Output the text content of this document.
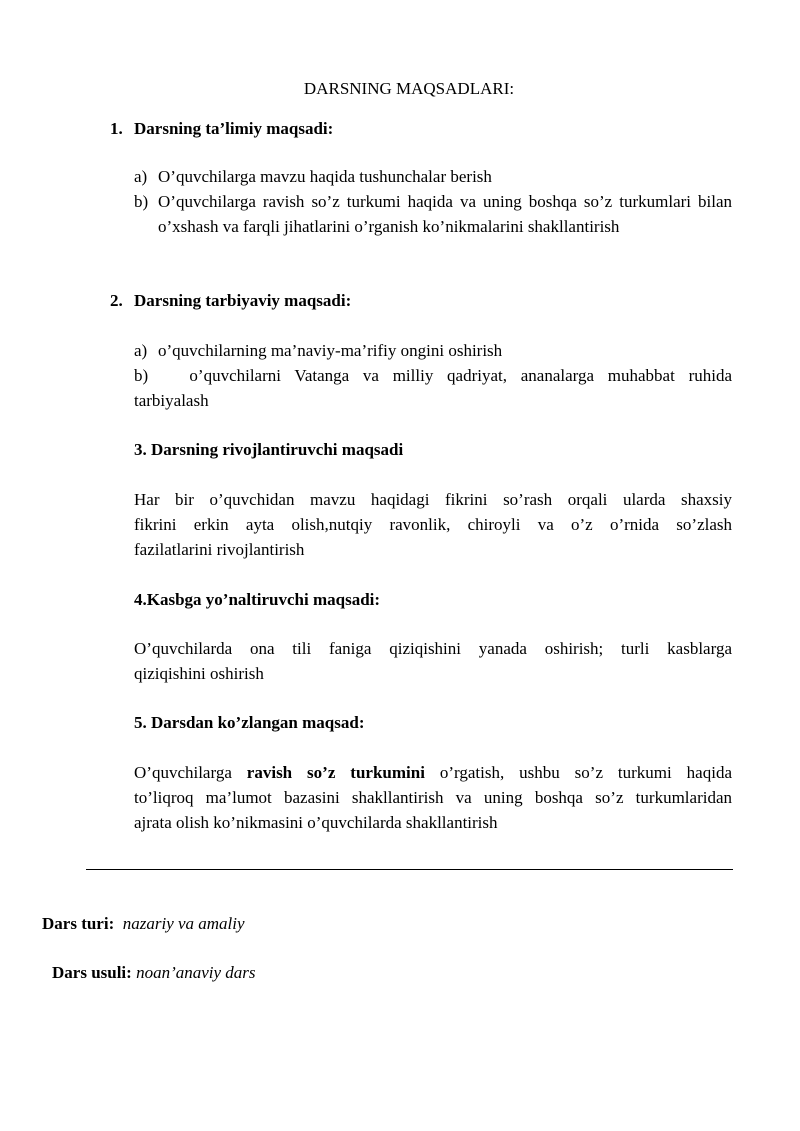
DARSNING MAQSADLARI:
1. Darsning ta’limiy maqsadi:
a) O’quvchilarga mavzu haqida tushunchalar berish
b) O’quvchilarga ravish so’z turkumi haqida va uning boshqa so’z turkumlari bilan o’xshash va farqli jihatlarini o’rganish ko’nikmalarini shakllantirish
2. Darsning tarbiyaviy maqsadi:
a) o’quvchilarning ma’naviy-ma’rifiy ongini oshirish
b) o’quvchilarni Vatanga va milliy qadriyat, ananalarga muhabbat ruhida
tarbiyalash
3. Darsning rivojlantiruvchi maqsadi
Har bir o’quvchidan mavzu haqidagi fikrini so’rash orqali ularda shaxsiy
fikrini erkin ayta olish,nutqiy ravonlik, chiroyli va o’z o’rnida so’zlash
fazilatlarini rivojlantirish
4.Kasbga yo’naltiruvchi maqsadi:
O’quvchilarda ona tili faniga qiziqishini yanada oshirish; turli kasblarga
qiziqishini oshirish
5. Darsdan ko’zlangan maqsad:
O’quvchilarga ravish so’z turkumini o’rgatish, ushbu so’z turkumi haqida
to’liqroq ma’lumot bazasini shakllantirish va uning boshqa so’z turkumlaridan
ajrata olish ko’nikmasini o’quvchilarda shakllantirish
Dars turi: nazariy va amaliy
Dars usuli: noan’anaviy dars
